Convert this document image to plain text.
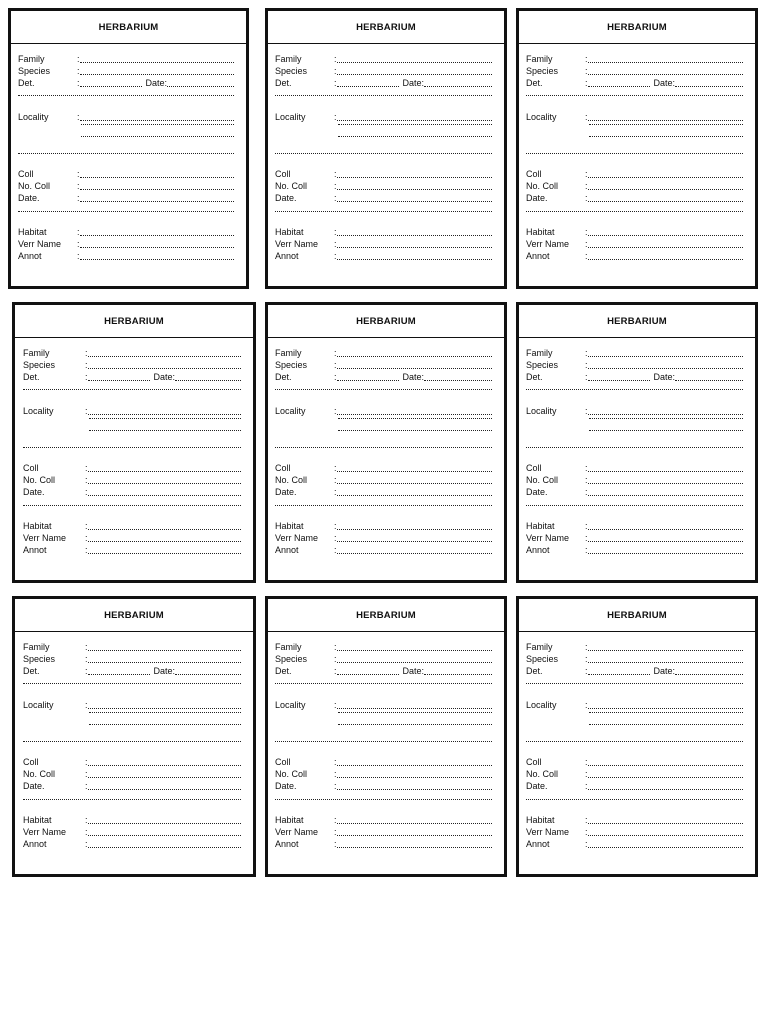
HERBARIUM
Family	:
Species	:
Det.	:	Date:
Locality	:
Coll	:
No. Coll	:
Date.	:
Habitat	:
Verr Name	:
Annot	:
HERBARIUM
Family	:
Species	:
Det.	:	Date:
Locality	:
Coll	:
No. Coll	:
Date.	:
Habitat	:
Verr Name	:
Annot	:
HERBARIUM
Family	:
Species	:
Det.	:	Date:
Locality	:
Coll	:
No. Coll	:
Date.	:
Habitat	:
Verr Name	:
Annot	:
HERBARIUM
Family	:
Species	:
Det.	:	Date:
Locality	:
Coll	:
No. Coll	:
Date.	:
Habitat	:
Verr Name	:
Annot	:
HERBARIUM
Family	:
Species	:
Det.	:	Date:
Locality	:
Coll	:
No. Coll	:
Date.	:
Habitat	:
Verr Name	:
Annot	:
HERBARIUM
Family	:
Species	:
Det.	:	Date:
Locality	:
Coll	:
No. Coll	:
Date.	:
Habitat	:
Verr Name	:
Annot	:
HERBARIUM
Family	:
Species	:
Det.	:	Date:
Locality	:
Coll	:
No. Coll	:
Date.	:
Habitat	:
Verr Name	:
Annot	:
HERBARIUM
Family	:
Species	:
Det.	:	Date:
Locality	:
Coll	:
No. Coll	:
Date.	:
Habitat	:
Verr Name	:
Annot	:
HERBARIUM
Family	:
Species	:
Det.	:	Date:
Locality	:
Coll	:
No. Coll	:
Date.	:
Habitat	:
Verr Name	:
Annot	:
